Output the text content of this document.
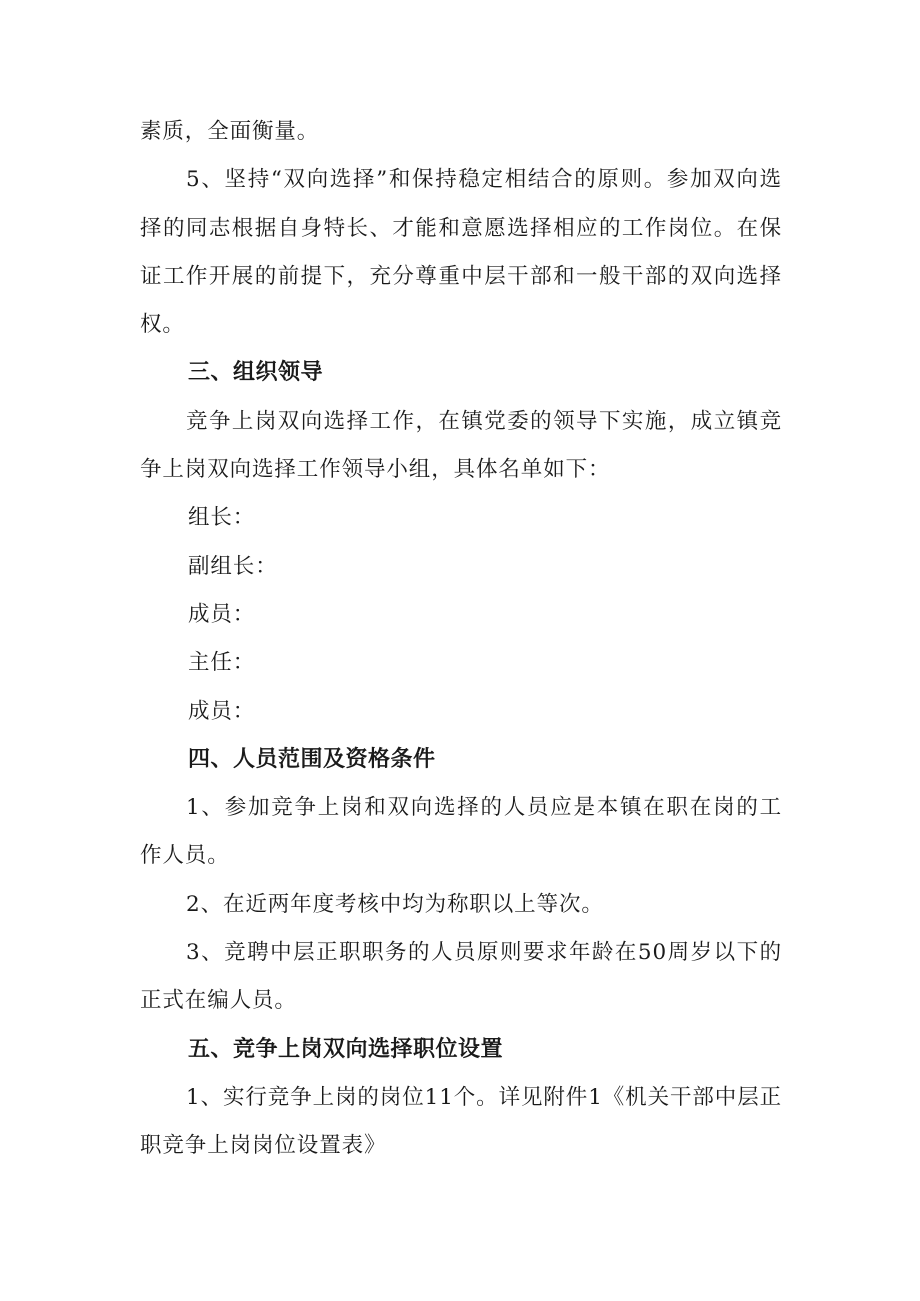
素质，全面衡量。

5、坚持“双向选择”和保持稳定相结合的原则。参加双向选择的同志根据自身特长、才能和意愿选择相应的工作岗位。在保证工作开展的前提下，充分尊重中层干部和一般干部的双向选择权。

三、组织领导

竞争上岗双向选择工作，在镇党委的领导下实施，成立镇竞争上岗双向选择工作领导小组，具体名单如下：

组长：

副组长：

成员：

主任：

成员：

四、人员范围及资格条件

1、参加竞争上岗和双向选择的人员应是本镇在职在岗的工作人员。

2、在近两年度考核中均为称职以上等次。

3、竞聘中层正职职务的人员原则要求年龄在50周岁以下的正式在编人员。

五、竞争上岗双向选择职位设置

1、实行竞争上岗的岗位11个。详见附件1《机关干部中层正职竞争上岗岗位设置表》
